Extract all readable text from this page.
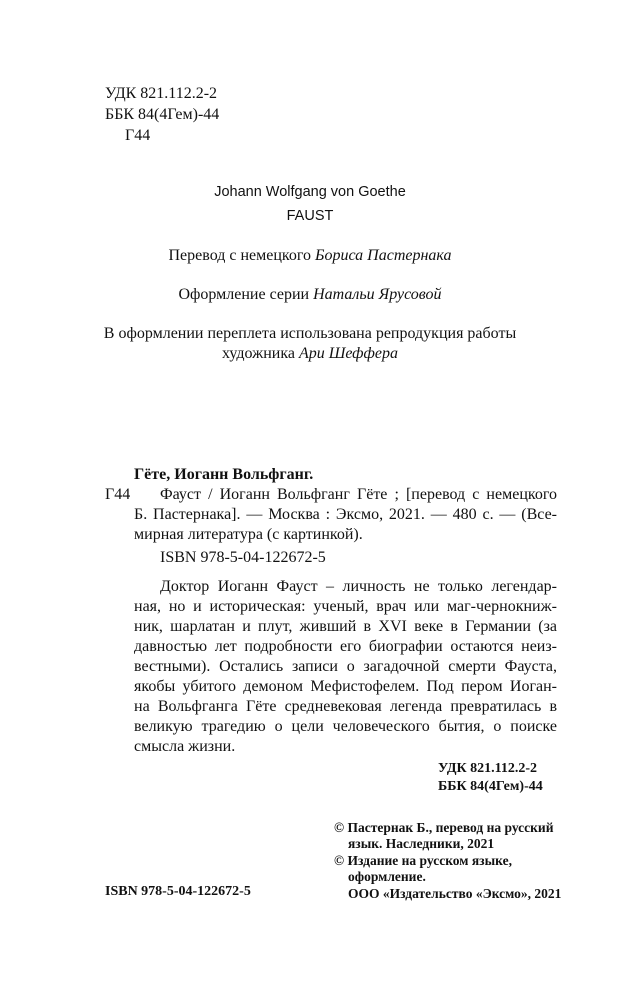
УДК 821.112.2-2
ББК 84(4Гем)-44
Г44
Johann Wolfgang von Goethe
FAUST
Перевод с немецкого Бориса Пастернака
Оформление серии Натальи Ярусовой
В оформлении переплета использована репродукция работы
художника Ари Шеффера
Гёте, Иоганн Вольфганг.
Г44 Фауст / Иоганн Вольфганг Гёте ; [перевод с немецкого
Б. Пастернака]. — Москва : Эксмо, 2021. — 480 с. — (Все-
мирная литература (с картинкой).
ISBN 978-5-04-122672-5
Доктор Иоганн Фауст – личность не только легендар-
ная, но и историческая: ученый, врач или маг-чернокниж-
ник, шарлатан и плут, живший в XVI веке в Германии (за
давностью лет подробности его биографии остаются неиз-
вестными). Остались записи о загадочной смерти Фауста,
якобы убитого демоном Мефистофелем. Под пером Иоган-
на Вольфганга Гёте средневековая легенда превратилась в
великую трагедию о цели человеческого бытия, о поиске
смысла жизни.
УДК 821.112.2-2
ББК 84(4Гем)-44
© Пастернак Б., перевод на русский
язык. Наследники, 2021
© Издание на русском языке,
оформление.
ООО «Издательство «Эксмо», 2021
ISBN 978-5-04-122672-5
